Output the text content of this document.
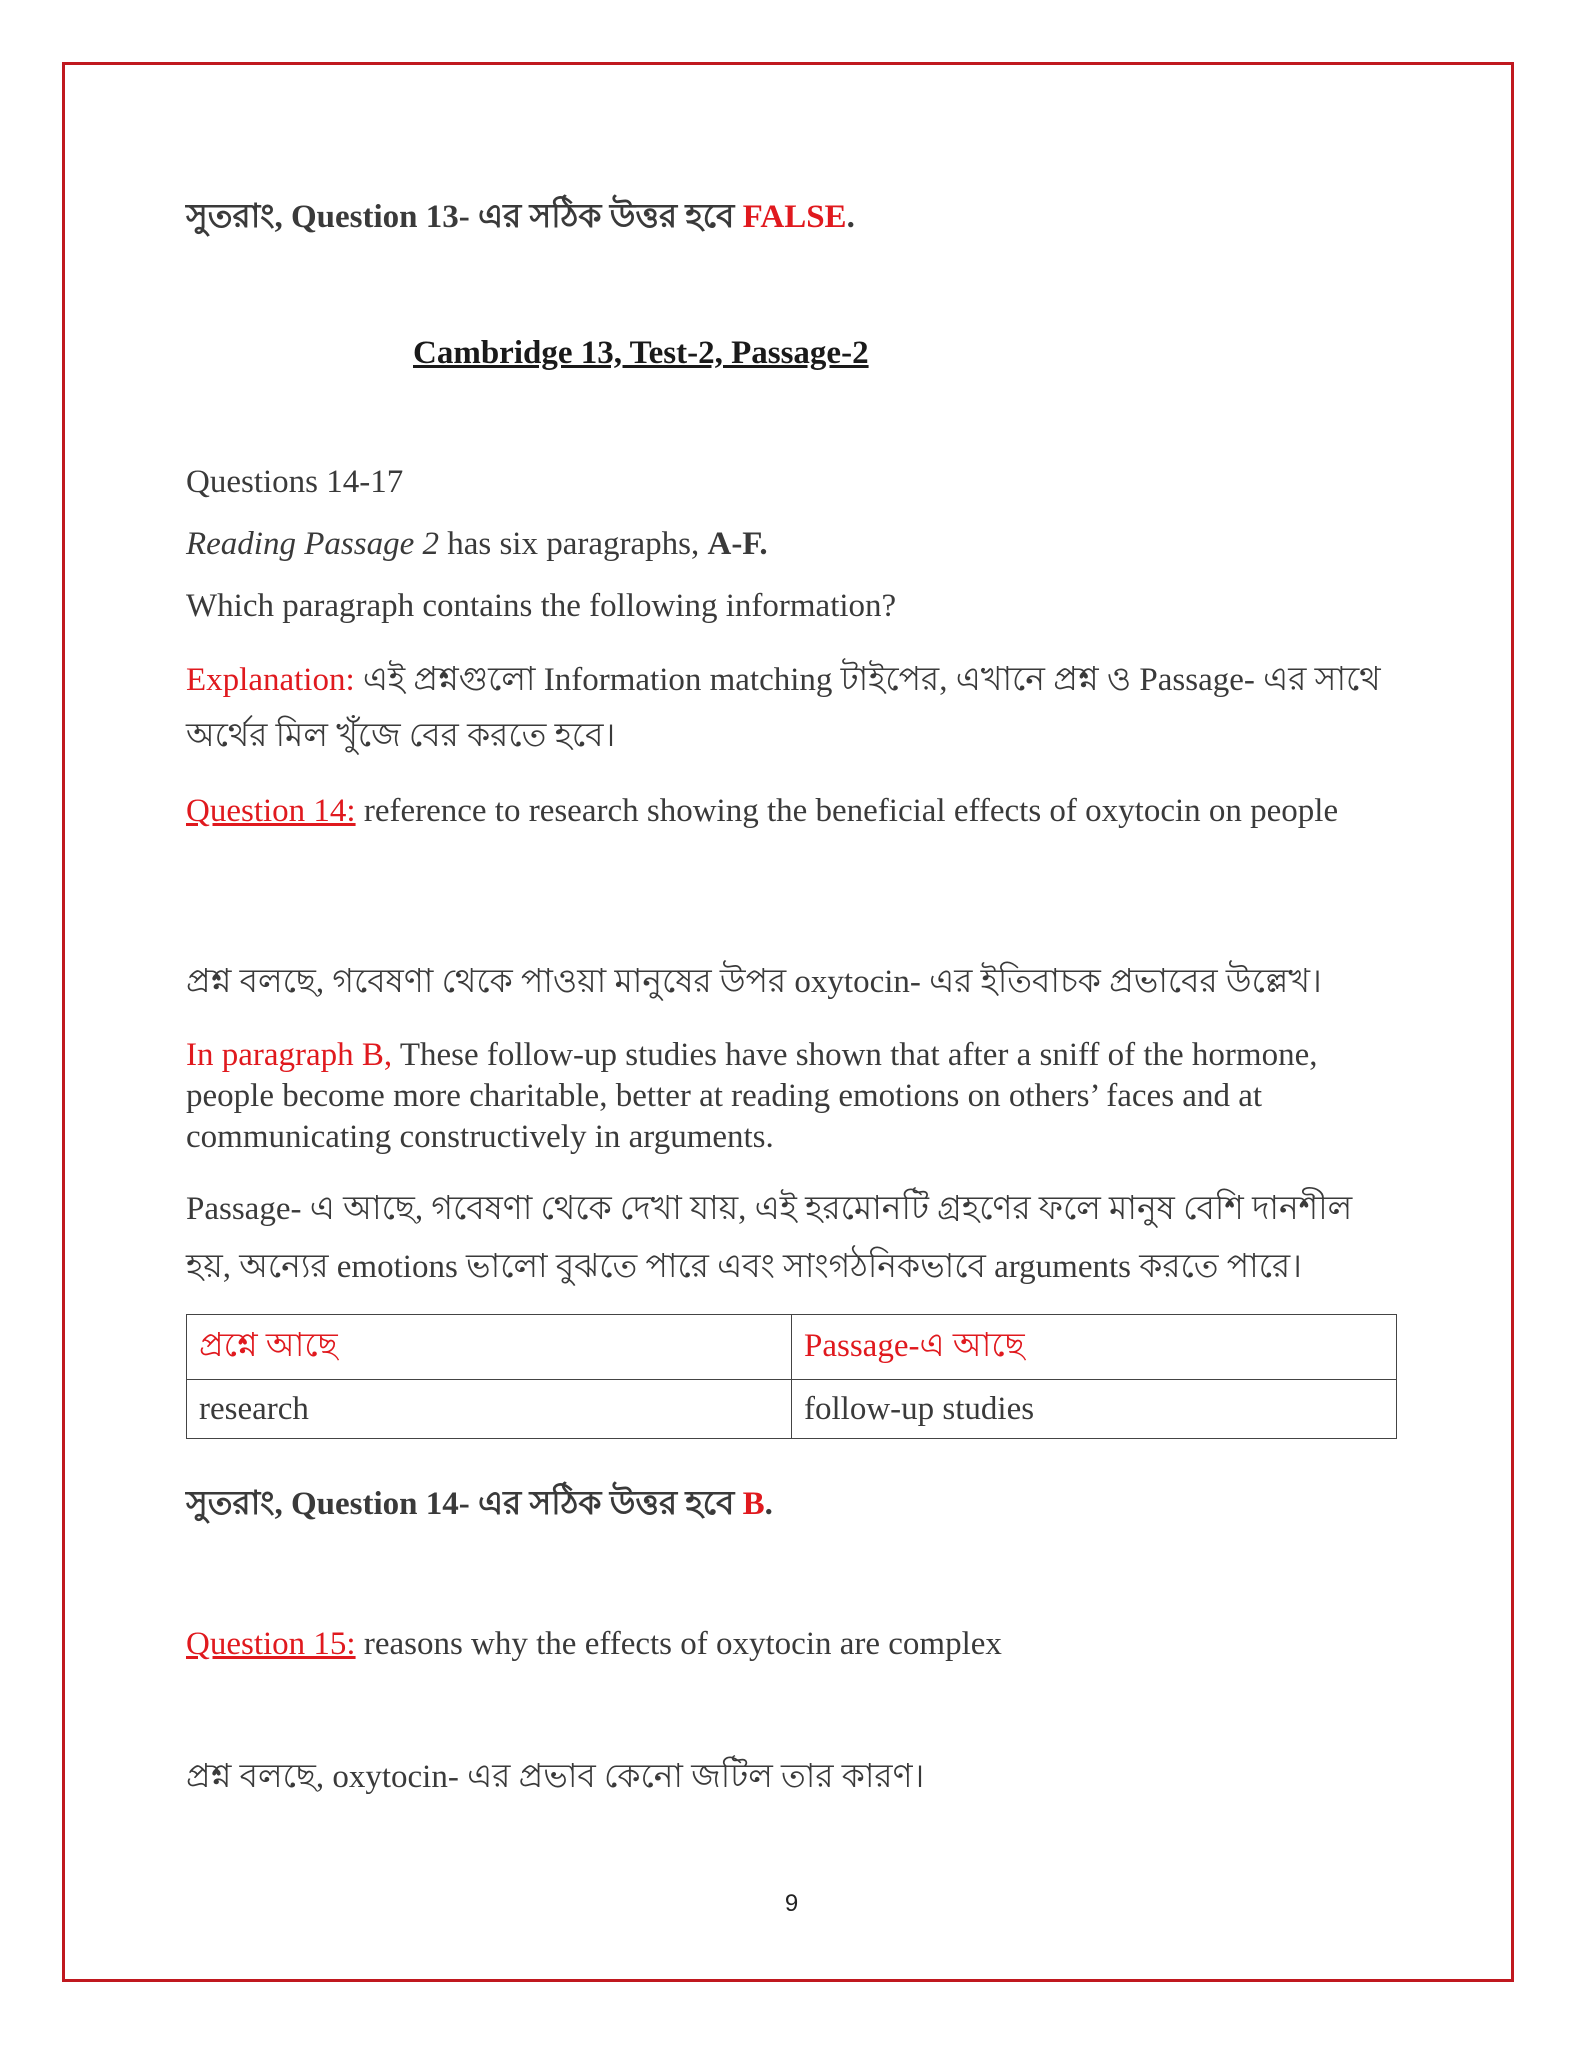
সুতরাং, Question 13- এর সঠিক উত্তর হবে FALSE.
Questions 14-17
Reading Passage 2 has six paragraphs, A-F.
Which paragraph contains the following information?
Explanation: এই প্রশ্নগুলো Information matching টাইপের, এখানে প্রশ্ন ও Passage- এর সাথে অর্থের মিল খুঁজে বের করতে হবে।
Question 14: reference to research showing the beneficial effects of oxytocin on people
প্রশ্ন বলছে, গবেষণা থেকে পাওয়া মানুষের উপর oxytocin- এর ইতিবাচক প্রভাবের উল্লেখ।
In paragraph B, These follow-up studies have shown that after a sniff of the hormone, people become more charitable, better at reading emotions on others’ faces and at communicating constructively in arguments.
Passage- এ আছে, গবেষণা থেকে দেখা যায়, এই হরমোনটি গ্রহণের ফলে মানুষ বেশি দানশীল হয়, অন্যের emotions ভালো বুঝতে পারে এবং সাংগঠনিকভাবে arguments করতে পারে।
সুতরাং, Question 14- এর সঠিক উত্তর হবে B.
Question 15: reasons why the effects of oxytocin are complex
প্রশ্ন বলছে, oxytocin- এর প্রভাব কেনো জটিল তার কারণ।
Cambridge 13, Test-2, Passage-2
প্রশ্নে আছে	Passage-এ আছে
research	follow-up studies
9
